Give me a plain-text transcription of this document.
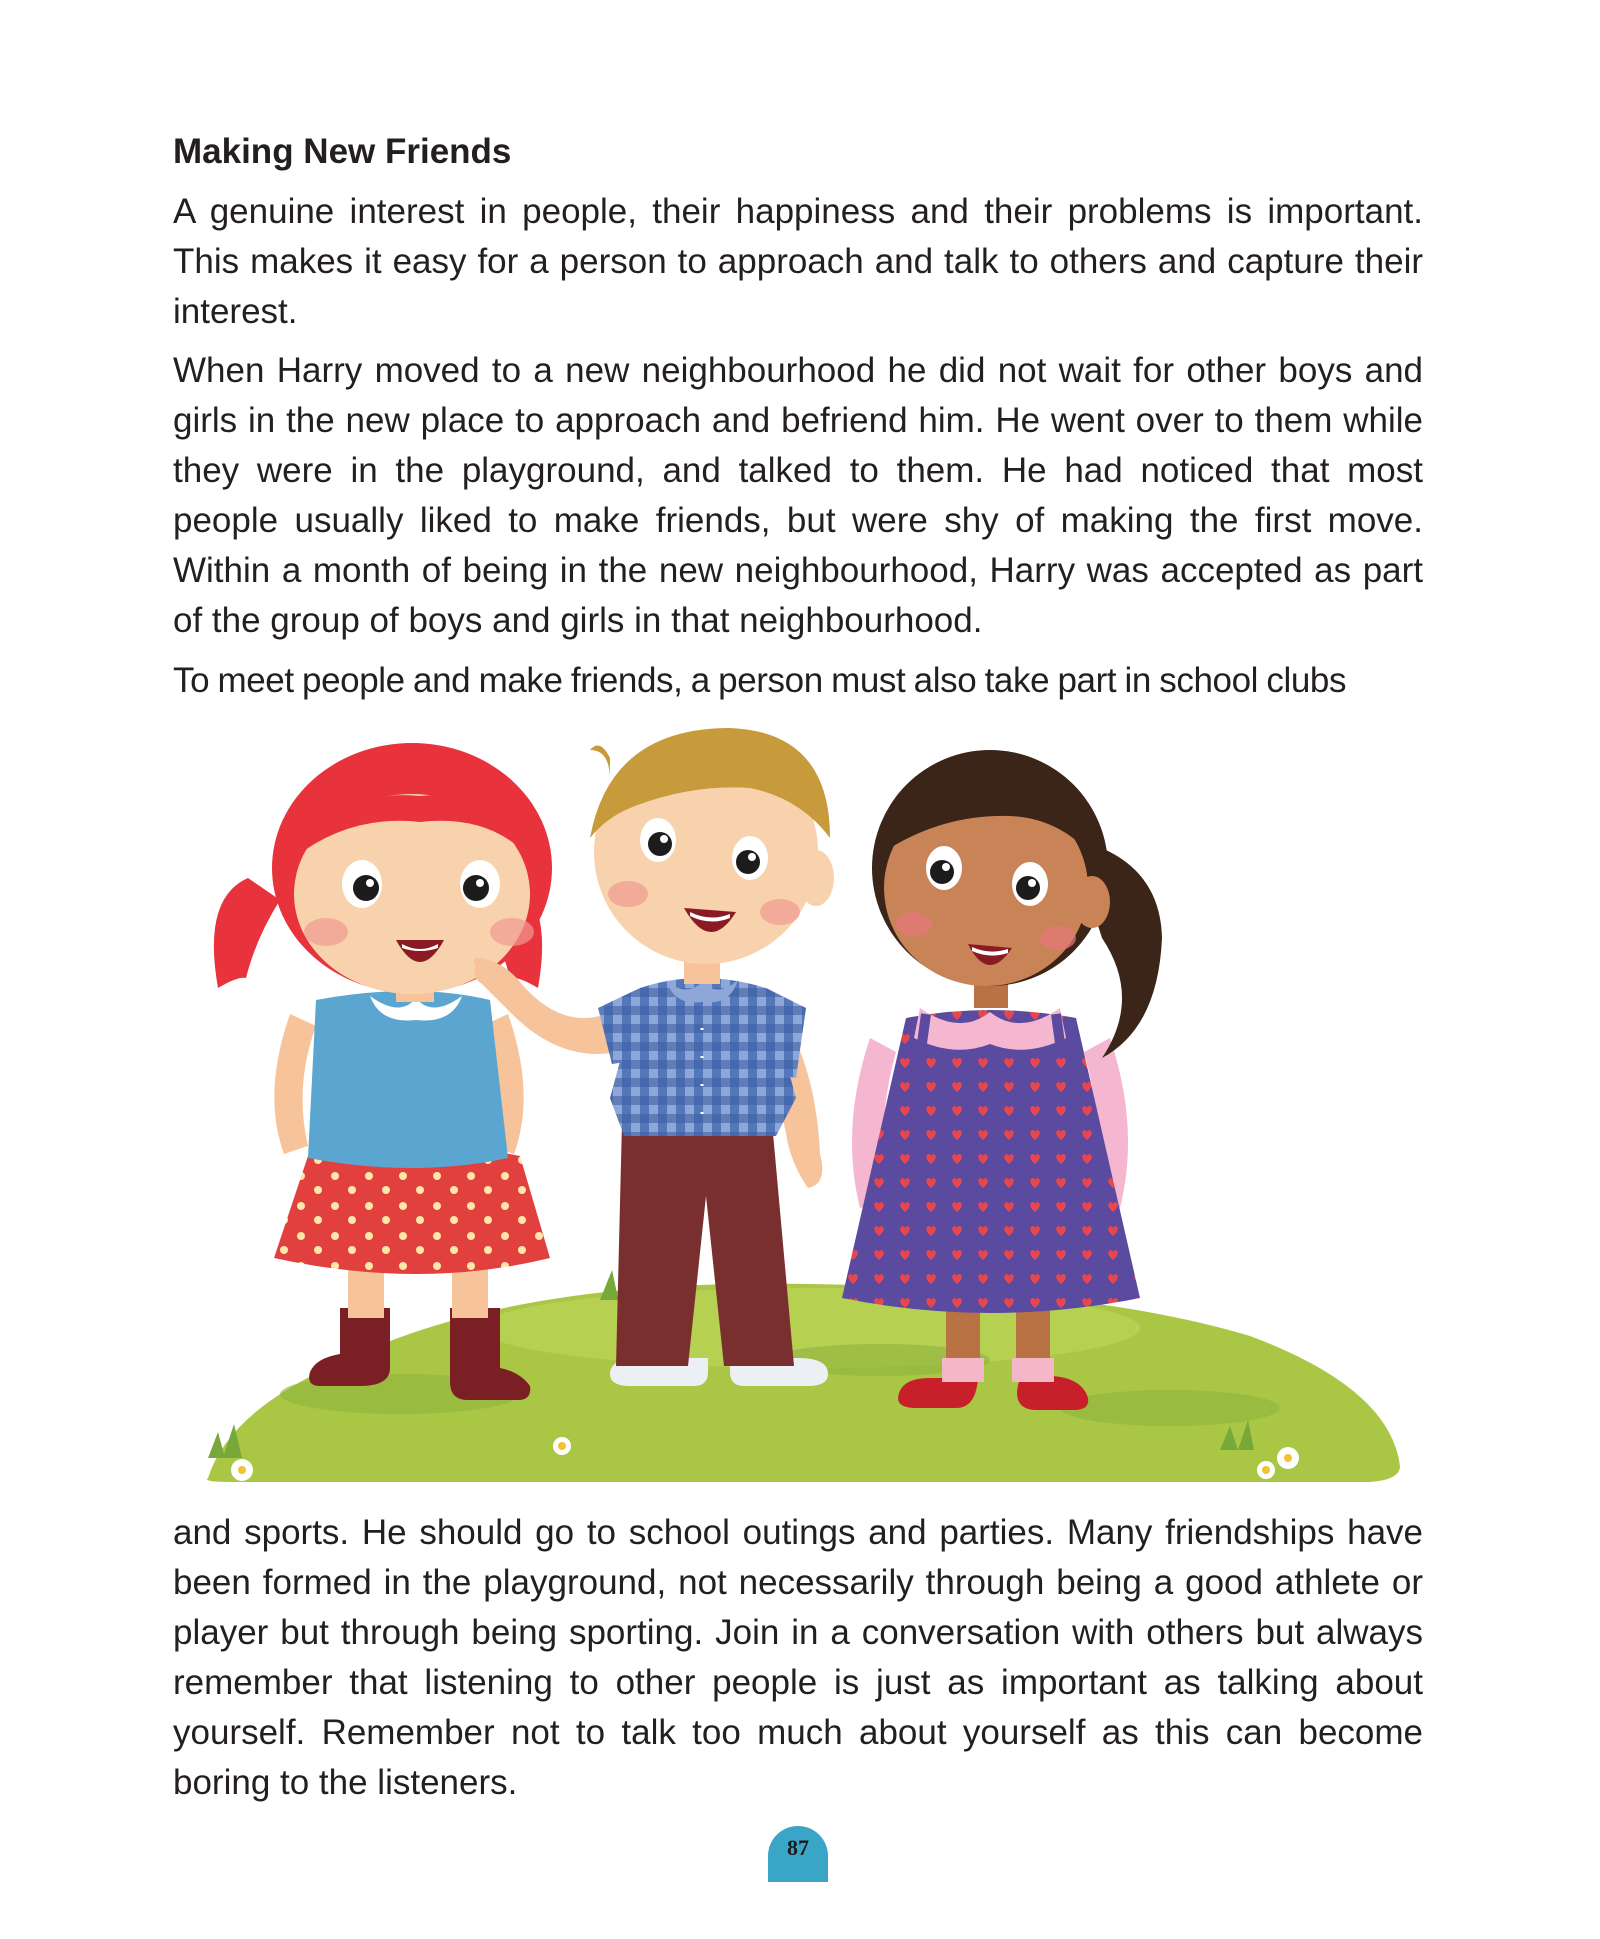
Making New Friends

A genuine interest in people, their happiness and their problems is important. This makes it easy for a person to approach and talk to others and capture their interest.

When Harry moved to a new neighbourhood he did not wait for other boys and girls in the new place to approach and befriend him. He went over to them while they were in the playground, and talked to them. He had noticed that most people usually liked to make friends, but were shy of making the first move. Within a month of being in the new neighbourhood, Harry was accepted as part of the group of boys and girls in that neighbourhood.

To meet people and make friends, a person must also take part in school clubs

and sports. He should go to school outings and parties. Many friendships have been formed in the playground, not necessarily through being a good athlete or player but through being sporting. Join in a conversation with others but always remember that listening to other people is just as important as talking about yourself. Remember not to talk too much about yourself as this can become boring to the listeners.

87
